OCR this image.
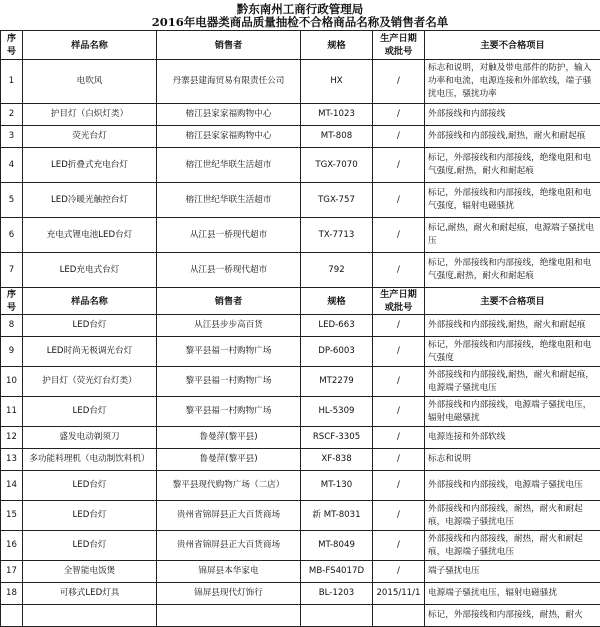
黔东南州工商行政管理局
2016年电器类商品质量抽检不合格商品名称及销售者名单
序号	样品名称	销售者	规格	生产日期或批号	主要不合格项目
1	电吹风	丹寨县建海贸易有限责任公司	HX	/	标志和说明，对触及带电部件的防护，输入功率和电流，电源连接和外部软线，端子骚扰电压，骚扰功率
2	护目灯（白炽灯类）	榕江县家家福购物中心	MT-1023	/	外部接线和内部接线
3	荧光台灯	榕江县家家福购物中心	MT-808	/	外部接线和内部接线,耐热，耐火和耐起痕
4	LED折叠式充电台灯	榕江世纪华联生活超市	TGX-7070	/	标记，外部接线和内部接线，绝缘电阻和电气强度,耐热，耐火和耐起痕
5	LED冷暖光触控台灯	榕江世纪华联生活超市	TGX-757	/	标记，外部接线和内部接线，绝缘电阻和电气强度，辐射电磁骚扰
6	充电式锂电池LED台灯	从江县一桥现代超市	TX-7713	/	标记,耐热，耐火和耐起痕，电源端子骚扰电压
7	LED充电式台灯	从江县一桥现代超市	792	/	标记，外部接线和内部接线，绝缘电阻和电气强度,耐热，耐火和耐起痕
序号	样品名称	销售者	规格	生产日期或批号	主要不合格项目
8	LED台灯	从江县步步高百货	LED-663	/	外部接线和内部接线,耐热，耐火和耐起痕
9	LED时尚无极调光台灯	黎平县福一村购物广场	DP-6003	/	标记，外部接线和内部接线，绝缘电阻和电气强度
10	护目灯（荧光灯台灯类）	黎平县福一村购物广场	MT2279	/	外部接线和内部接线,耐热，耐火和耐起痕，电源端子骚扰电压
11	LED台灯	黎平县福一村购物广场	HL-5309	/	外部接线和内部接线，电源端子骚扰电压，辐射电磁骚扰
12	盛发电动剃须刀	鲁曼萍(黎平县)	RSCF-3305	/	电源连接和外部软线
13	多功能料理机（电动制饮料机）	鲁曼萍(黎平县)	XF-838	/	标志和说明
14	LED台灯	黎平县现代购物广场（二店）	MT-130	/	外部接线和内部接线，电源端子骚扰电压
15	LED台灯	贵州省锦屏县正大百货商场	新 MT-8031	/	外部接线和内部接线，耐热，耐火和耐起痕，电源端子骚扰电压
16	LED台灯	贵州省锦屏县正大百货商场	MT-8049	/	外部接线和内部接线，耐热，耐火和耐起痕，电源端子骚扰电压
17	全智能电饭煲	锦屏县本华家电	MB-FS4017D	/	端子骚扰电压
18	可移式LED灯具	锦屏县现代灯饰行	BL-1203	2015/11/1	电源端子骚扰电压，辐射电磁骚扰
					标记，外部接线和内部接线，耐热，耐火
